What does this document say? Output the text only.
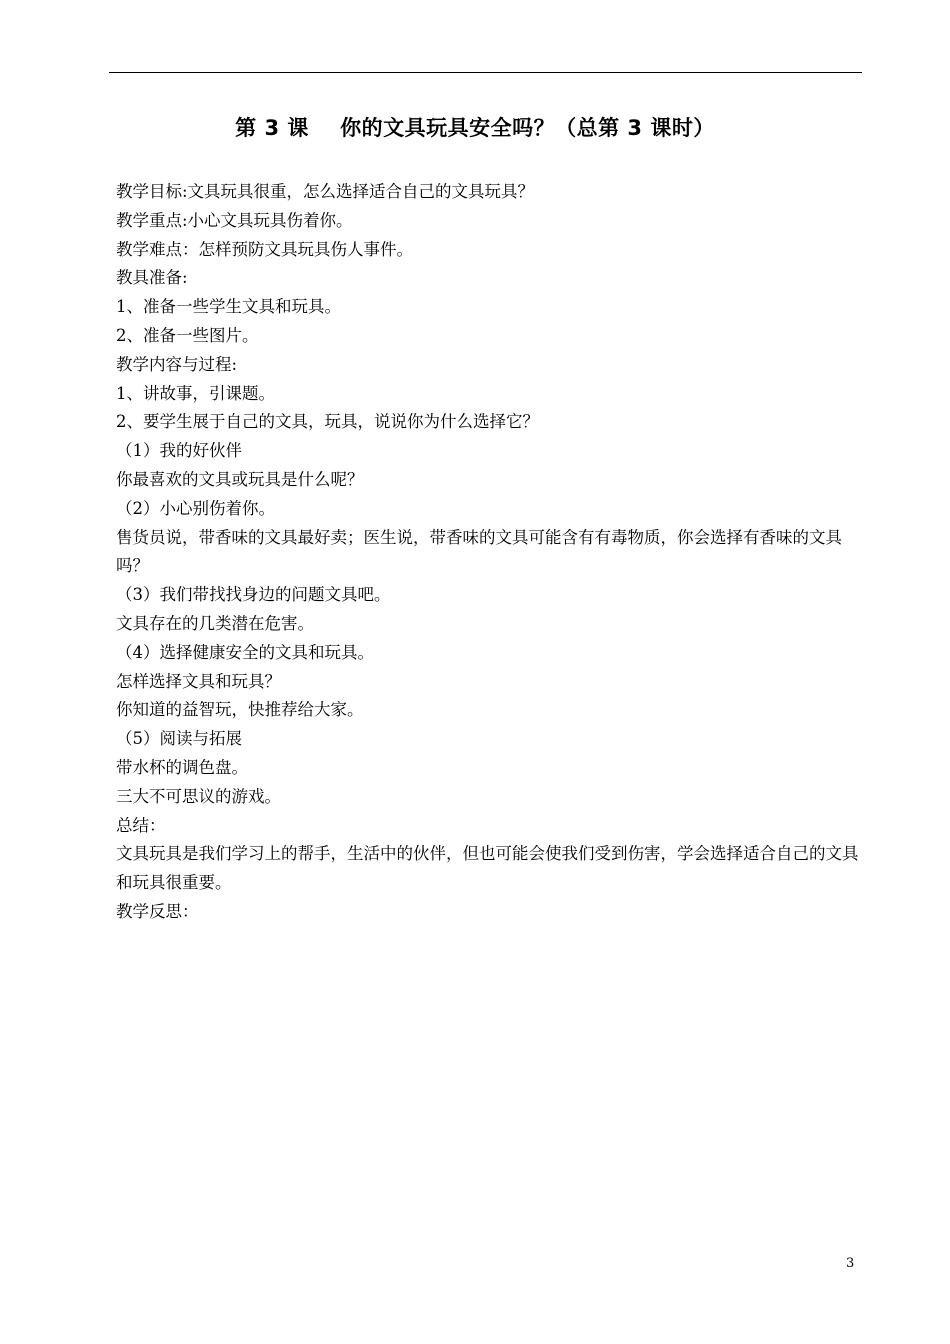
第 3 课    你的文具玩具安全吗？（总第 3 课时）

教学目标:文具玩具很重，怎么选择适合自己的文具玩具？

教学重点:小心文具玩具伤着你。

教学难点：怎样预防文具玩具伤人事件。

教具准备:

1、准备一些学生文具和玩具。

2、准备一些图片。

教学内容与过程:

1、讲故事，引课题。

2、要学生展于自己的文具，玩具，说说你为什么选择它？

（1）我的好伙伴

你最喜欢的文具或玩具是什么呢？

（2）小心别伤着你。

售货员说，带香味的文具最好卖；医生说，带香味的文具可能含有有毒物质，你会选择有香味的文具吗？

（3）我们带找找身边的问题文具吧。

文具存在的几类潜在危害。

（4）选择健康安全的文具和玩具。

怎样选择文具和玩具？

你知道的益智玩，快推荐给大家。

（5）阅读与拓展

带水杯的调色盘。

三大不可思议的游戏。

总结：

文具玩具是我们学习上的帮手，生活中的伙伴，但也可能会使我们受到伤害，学会选择适合自己的文具和玩具很重要。

教学反思：

3
